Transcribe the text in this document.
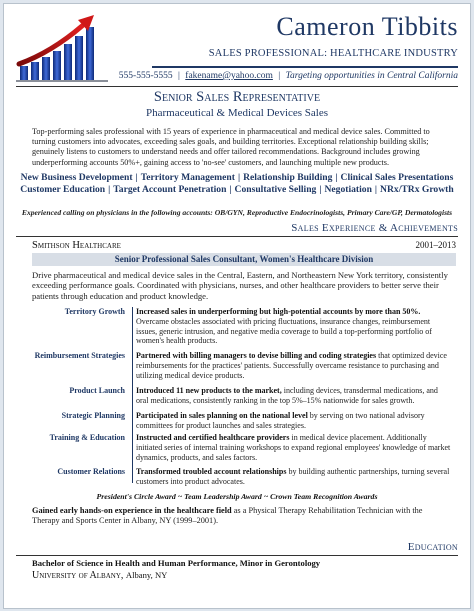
Cameron Tibbits
SALES PROFESSIONAL: HEALTHCARE INDUSTRY
555-555-5555 | fakename@yahoo.com | Targeting opportunities in Central California
Senior Sales Representative
Pharmaceutical & Medical Devices Sales
Top-performing sales professional with 15 years of experience in pharmaceutical and medical device sales. Committed to turning customers into advocates, exceeding sales goals, and building territories. Exceptional relationship building skills; genuinely listens to customers to understand needs and offer tailored recommendations. Background includes growing underperforming accounts 50%+, gaining access to 'no-see' customers, and launching multiple new products.
New Business Development | Territory Management | Relationship Building | Clinical Sales Presentations
Customer Education | Target Account Penetration | Consultative Selling | Negotiation | NRx/TRx Growth
Experienced calling on physicians in the following accounts: OB/GYN, Reproductive Endocrinologists, Primary Care/GP, Dermatologists
Sales Experience & Achievements
Smithson Healthcare	2001–2013
Senior Professional Sales Consultant, Women's Healthcare Division
Drive pharmaceutical and medical device sales in the Central, Eastern, and Northeastern New York territory, consistently exceeding performance goals. Coordinated with physicians, nurses, and other healthcare providers to better serve their patients through education and product knowledge.
Territory Growth Increased sales in underperforming but high-potential accounts by more than 50%. Overcame obstacles associated with pricing fluctuations, insurance changes, reimbursement issues, generic intrusion, and negative media coverage to build a top-performing portfolio of women's health products.
Reimbursement Strategies Partnered with billing managers to devise billing and coding strategies that optimized device reimbursements for the practices' patients. Successfully overcame resistance to purchasing and utilizing medical device products.
Product Launch Introduced 11 new products to the market, including devices, transdermal medications, and oral medications, consistently ranking in the top 5%–15% nationwide for sales growth.
Strategic Planning Participated in sales planning on the national level by serving on two national advisory committees for product launches and sales strategies.
Training & Education Instructed and certified healthcare providers in medical device placement. Additionally initiated series of internal training workshops to expand regional employees' knowledge of market dynamics, products, and sales factors.
Customer Relations Transformed troubled account relationships by building authentic partnerships, turning several customers into product advocates.
President's Circle Award ~ Team Leadership Award ~ Crown Team Recognition Awards
Gained early hands-on experience in the healthcare field as a Physical Therapy Rehabilitation Technician with the Therapy and Sports Center in Albany, NY (1999–2001).
Education
Bachelor of Science in Health and Human Performance, Minor in Gerontology
University of Albany, Albany, NY
